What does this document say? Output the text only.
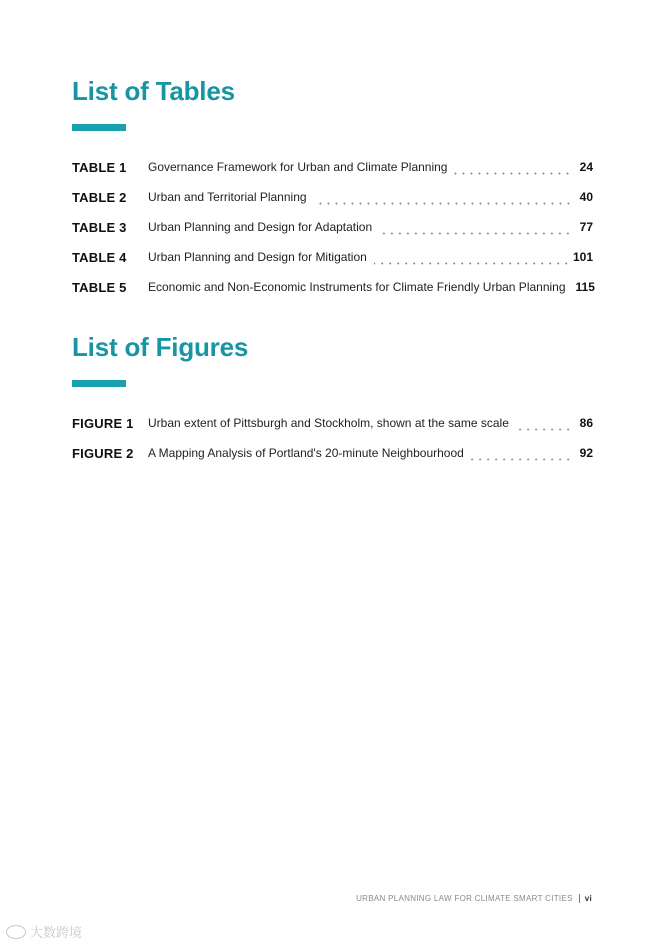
List of Tables
TABLE 1	Governance Framework for Urban and Climate Planning	24
TABLE 2	Urban and Territorial Planning	40
TABLE 3	Urban Planning and Design for Adaptation	77
TABLE 4	Urban Planning and Design for Mitigation	101
TABLE 5	Economic and Non-Economic Instruments for Climate Friendly Urban Planning 115
List of Figures
FIGURE 1	Urban extent of Pittsburgh and Stockholm, shown at the same scale	86
FIGURE 2	A Mapping Analysis of Portland's 20-minute Neighbourhood	92
URBAN PLANNING LAW FOR CLIMATE SMART CITIES vi
大数跨境
